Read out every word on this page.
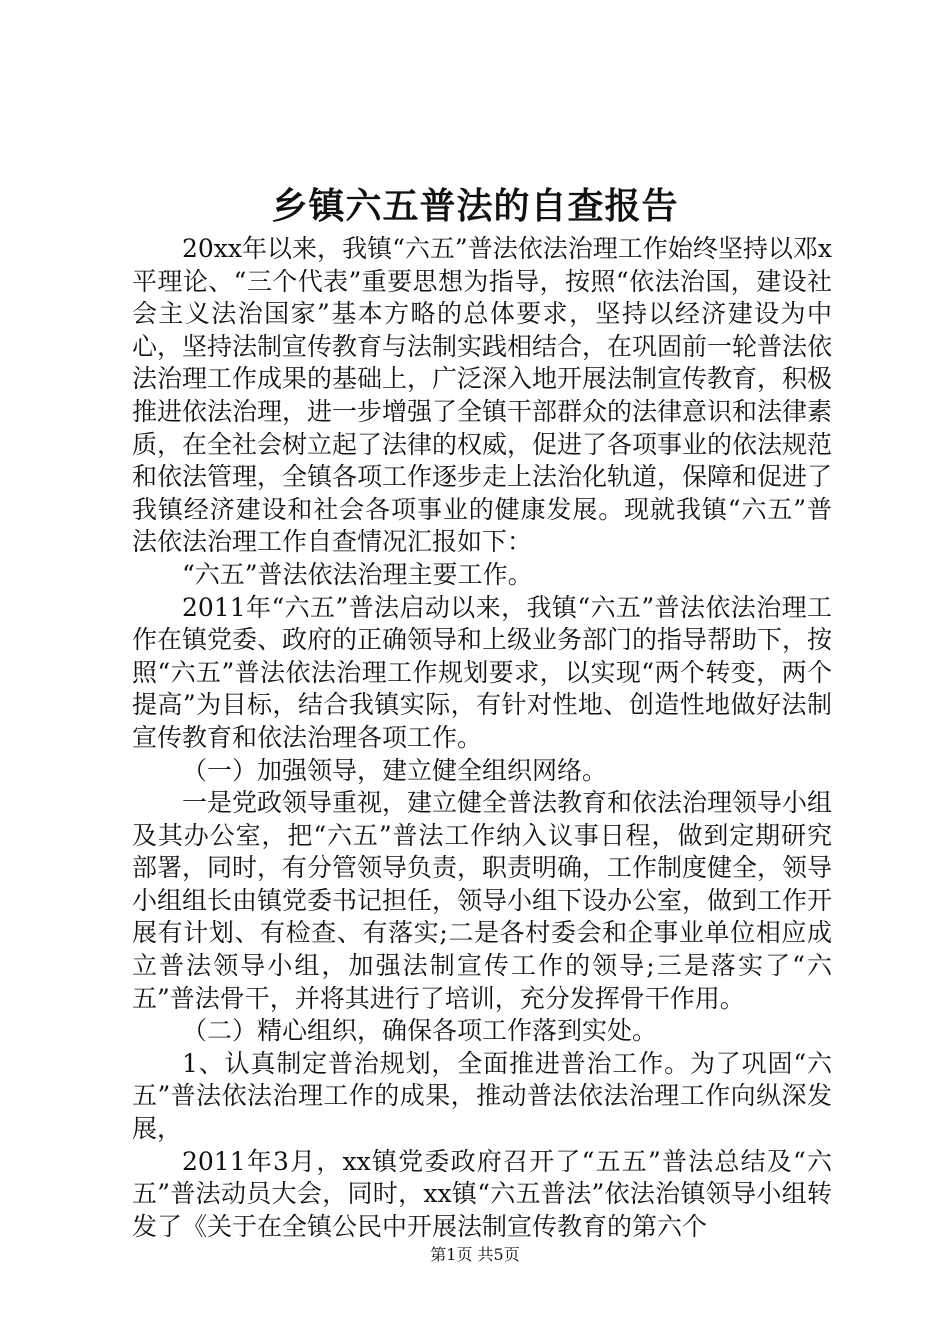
乡镇六五普法的自查报告

20xx年以来，我镇“六五”普法依法治理工作始终坚持以邓x平理论、“三个代表”重要思想为指导，按照“依法治国，建设社会主义法治国家”基本方略的总体要求，坚持以经济建设为中心，坚持法制宣传教育与法制实践相结合，在巩固前一轮普法依法治理工作成果的基础上，广泛深入地开展法制宣传教育，积极推进依法治理，进一步增强了全镇干部群众的法律意识和法律素质，在全社会树立起了法律的权威，促进了各项事业的依法规范和依法管理，全镇各项工作逐步走上法治化轨道，保障和促进了我镇经济建设和社会各项事业的健康发展。现就我镇“六五”普法依法治理工作自查情况汇报如下：

“六五”普法依法治理主要工作。

2011年“六五”普法启动以来，我镇“六五”普法依法治理工作在镇党委、政府的正确领导和上级业务部门的指导帮助下，按照“六五”普法依法治理工作规划要求，以实现“两个转变，两个提高”为目标，结合我镇实际，有针对性地、创造性地做好法制宣传教育和依法治理各项工作。

（一）加强领导，建立健全组织网络。

一是党政领导重视，建立健全普法教育和依法治理领导小组及其办公室，把“六五”普法工作纳入议事日程，做到定期研究部署，同时，有分管领导负责，职责明确，工作制度健全，领导小组组长由镇党委书记担任，领导小组下设办公室，做到工作开展有计划、有检查、有落实;二是各村委会和企事业单位相应成立普法领导小组，加强法制宣传工作的领导;三是落实了“六五”普法骨干，并将其进行了培训，充分发挥骨干作用。

（二）精心组织，确保各项工作落到实处。

1、认真制定普治规划，全面推进普治工作。为了巩固“六五”普法依法治理工作的成果，推动普法依法治理工作向纵深发展，

2011年3月，xx镇党委政府召开了“五五”普法总结及“六五”普法动员大会，同时，xx镇“六五普法”依法治镇领导小组转发了《关于在全镇公民中开展法制宣传教育的第六个

第1页 共5页
